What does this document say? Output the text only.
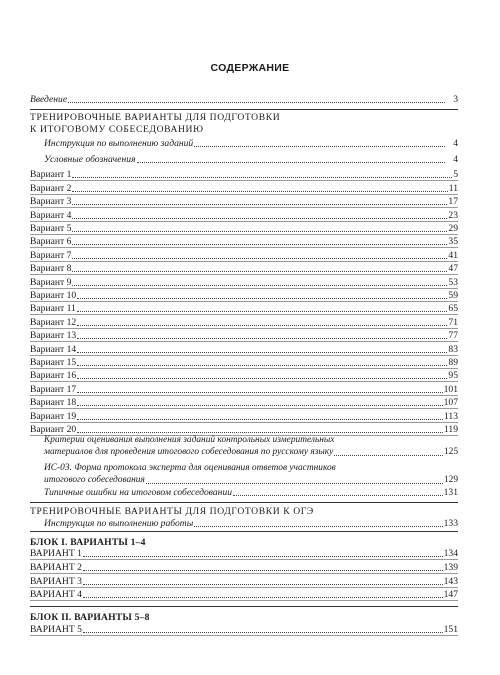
СОДЕРЖАНИЕ
Введение	3
ТРЕНИРОВОЧНЫЕ ВАРИАНТЫ ДЛЯ ПОДГОТОВКИ
К ИТОГОВОМУ СОБЕСЕДОВАНИЮ
Инструкция по выполнению заданий	4
Условные обозначения	4
Вариант 1	5
Вариант 2	11
Вариант 3	17
Вариант 4	23
Вариант 5	29
Вариант 6	35
Вариант 7	41
Вариант 8	47
Вариант 9	53
Вариант 10	59
Вариант 11	65
Вариант 12	71
Вариант 13	77
Вариант 14	83
Вариант 15	89
Вариант 16	95
Вариант 17	101
Вариант 18	107
Вариант 19	113
Вариант 20	119
Критерии оценивания выполнения заданий контрольных измерительных
материалов для проведения итогового собеседования по русскому языку	125
ИС-03. Форма протокола эксперта для оценивания ответов участников
итогового собеседования	129
Типичные ошибки на итоговом собеседовании	131
ТРЕНИРОВОЧНЫЕ ВАРИАНТЫ ДЛЯ ПОДГОТОВКИ К ОГЭ
Инструкция по выполнению работы	133
БЛОК I. ВАРИАНТЫ 1–4
ВАРИАНТ 1	134
ВАРИАНТ 2	139
ВАРИАНТ 3	143
ВАРИАНТ 4	147
БЛОК II. ВАРИАНТЫ 5–8
ВАРИАНТ 5	151
